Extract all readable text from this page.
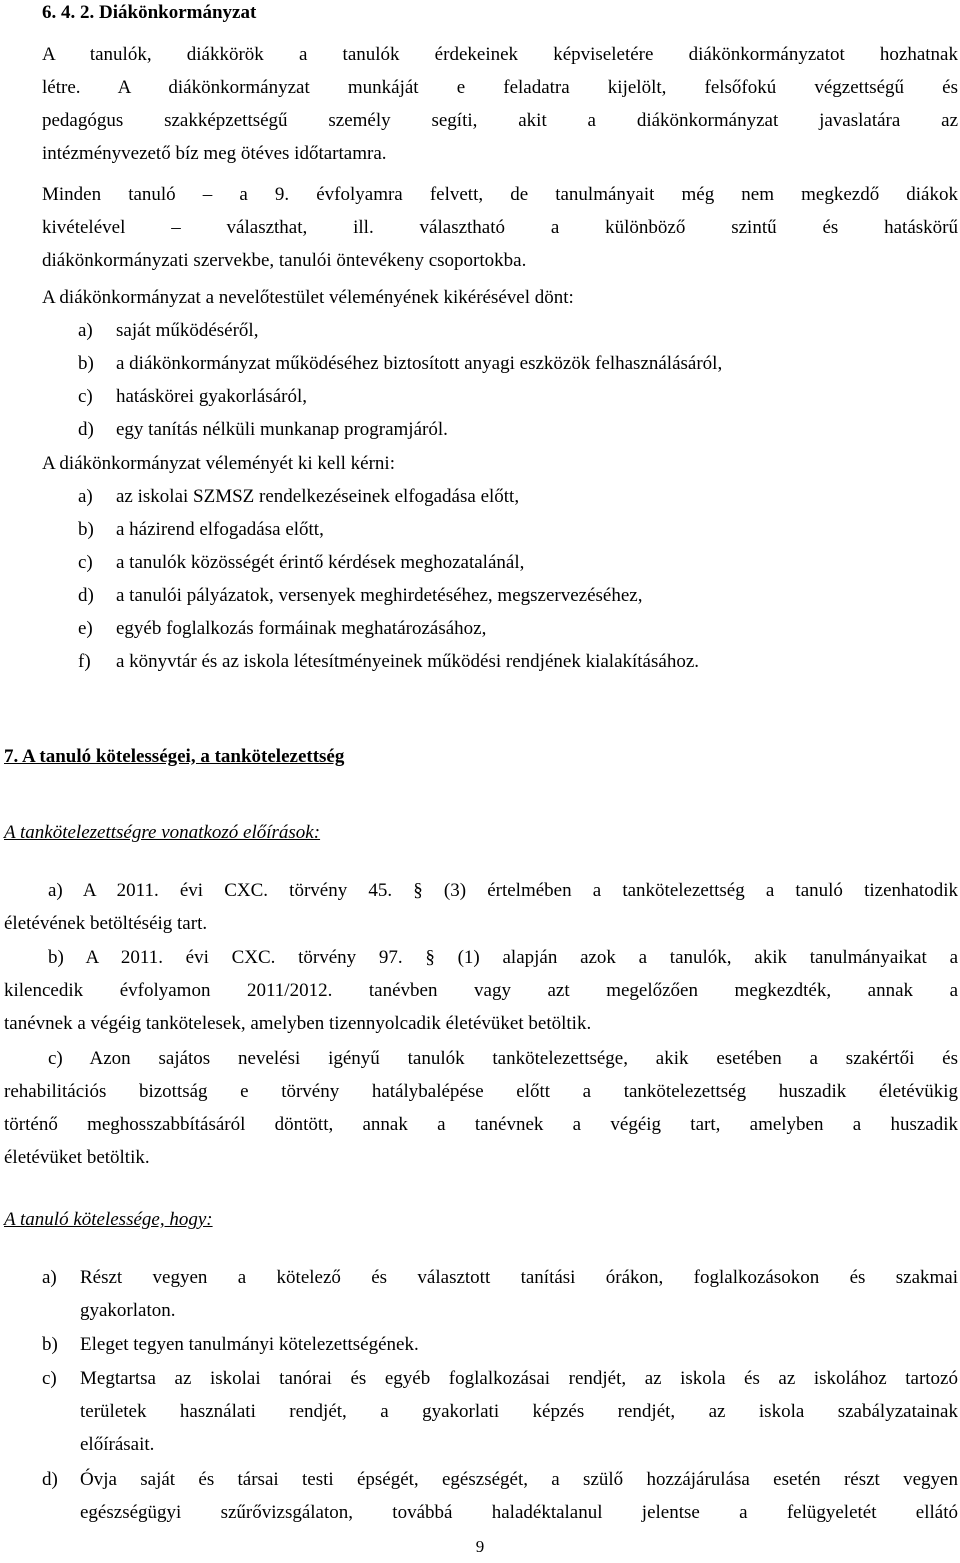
6. 4. 2. Diákönkormányzat
A tanulók, diákkörök a tanulók érdekeinek képviseletére diákönkormányzatot hozhatnak
létre. A diákönkormányzat munkáját e feladatra kijelölt, felsőfokú végzettségű és
pedagógus szakképzettségű személy segíti, akit a diákönkormányzat javaslatára az
intézményvezető bíz meg ötéves időtartamra.
Minden tanuló – a 9. évfolyamra felvett, de tanulmányait még nem megkezdő diákok
kivételével – választhat, ill. választható a különböző szintű és hatáskörű
diákönkormányzati szervekbe, tanulói öntevékeny csoportokba.
A diákönkormányzat a nevelőtestület véleményének kikérésével dönt:
a)	saját működéséről,
b)	a diákönkormányzat működéséhez biztosított anyagi eszközök felhasználásáról,
c)	hatáskörei gyakorlásáról,
d)	egy tanítás nélküli munkanap programjáról.
A diákönkormányzat véleményét ki kell kérni:
a)	az iskolai SZMSZ rendelkezéseinek elfogadása előtt,
b)	a házirend elfogadása előtt,
c)	a tanulók közösségét érintő kérdések meghozatalánál,
d)	a tanulói pályázatok, versenyek meghirdetéséhez, megszervezéséhez,
e)	egyéb foglalkozás formáinak meghatározásához,
f)	a könyvtár és az iskola létesítményeinek működési rendjének kialakításához.
7. A tanuló kötelességei, a tankötelezettség
A tankötelezettségre vonatkozó előírások:
a) A 2011. évi CXC. törvény 45. § (3) értelmében a tankötelezettség a tanuló tizenhatodik
életévének betöltéséig tart.
b) A 2011. évi CXC. törvény 97. § (1) alapján azok a tanulók, akik tanulmányaikat a
kilencedik évfolyamon 2011/2012. tanévben vagy azt megelőzően megkezdték, annak a
tanévnek a végéig tankötelesek, amelyben tizennyolcadik életévüket betöltik.
c) Azon sajátos nevelési igényű tanulók tankötelezettsége, akik esetében a szakértői és
rehabilitációs bizottság e törvény hatálybalépése előtt a tankötelezettség huszadik életévükig
történő meghosszabbításáról döntött, annak a tanévnek a végéig tart, amelyben a huszadik
életévüket betöltik.
A tanuló kötelessége, hogy:
a)	Részt vegyen a kötelező és választott tanítási órákon, foglalkozásokon és szakmai
gyakorlaton.
b)	Eleget tegyen tanulmányi kötelezettségének.
c)	Megtartsa az iskolai tanórai és egyéb foglalkozásai rendjét, az iskola és az iskolához tartozó
területek használati rendjét, a gyakorlati képzés rendjét, az iskola szabályzatainak
előírásait.
d)	Óvja saját és társai testi épségét, egészségét, a szülő hozzájárulása esetén részt vegyen
egészségügyi szűrővizsgálaton, továbbá haladéktalanul jelentse a felügyeletét ellátó
9
